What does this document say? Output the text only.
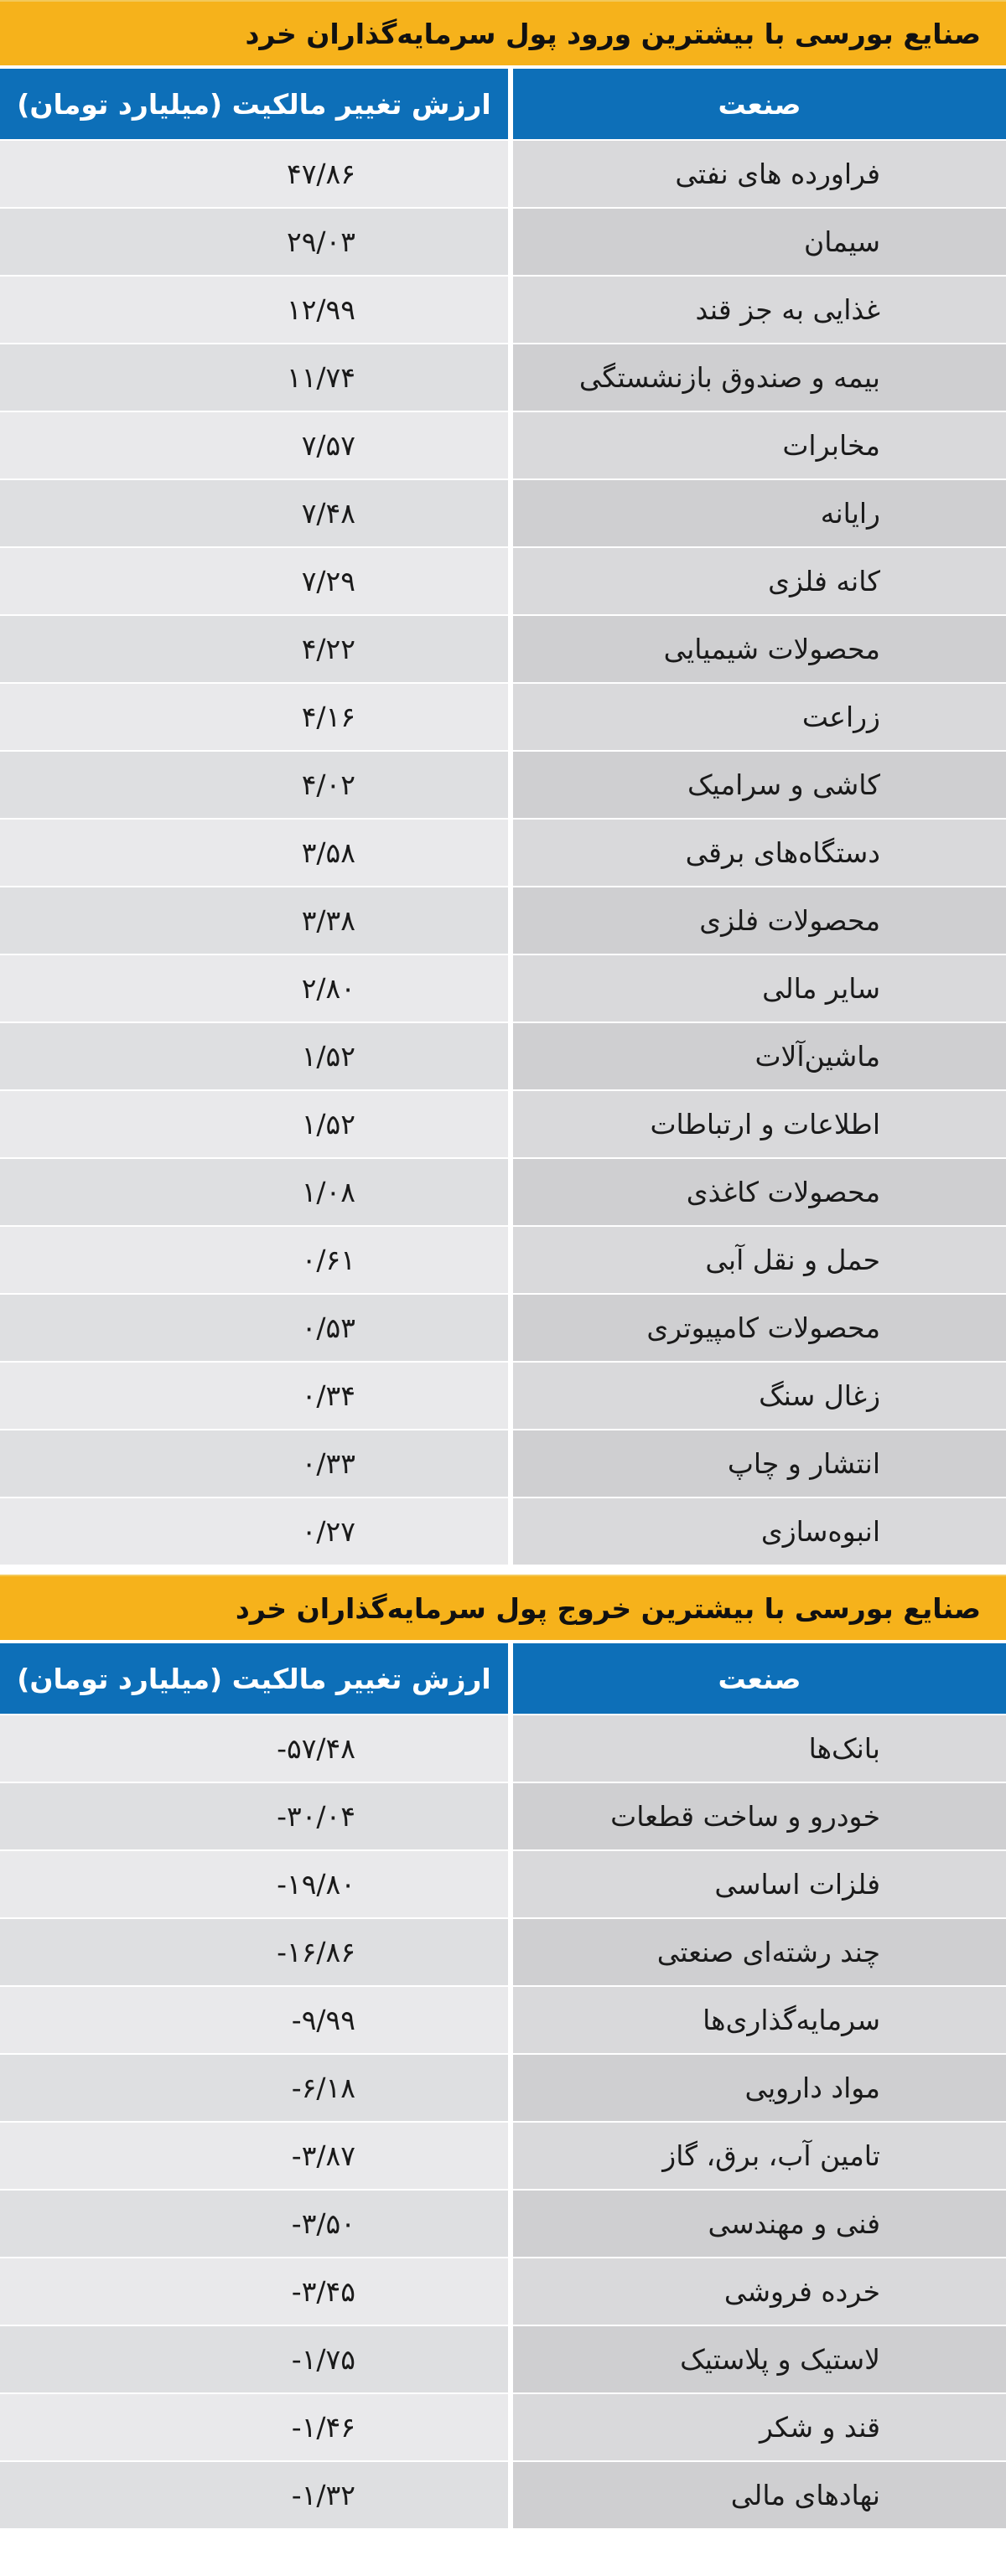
صنایع بورسی با بیشترین ورود پول سرمایه‌گذاران خرد
صنعت
ارزش تغییر مالکیت (میلیارد تومان)
فراورده های نفتی
۴۷/۸۶
سیمان
۲۹/۰۳
غذایی به جز قند
۱۲/۹۹
بیمه و صندوق بازنشستگی
۱۱/۷۴
مخابرات
۷/۵۷
رایانه
۷/۴۸
کانه فلزی
۷/۲۹
محصولات شیمیایی
۴/۲۲
زراعت
۴/۱۶
کاشی و سرامیک
۴/۰۲
دستگاه‌های برقی
۳/۵۸
محصولات فلزی
۳/۳۸
سایر مالی
۲/۸۰
ماشین‌آلات
۱/۵۲
اطلاعات و ارتباطات
۱/۵۲
محصولات کاغذی
۱/۰۸
حمل و نقل آبی
۰/۶۱
محصولات کامپیوتری
۰/۵۳
زغال سنگ
۰/۳۴
انتشار و چاپ
۰/۳۳
انبوه‌سازی
۰/۲۷
صنایع بورسی با بیشترین خروج پول سرمایه‌گذاران خرد
صنعت
ارزش تغییر مالکیت (میلیارد تومان)
بانک‌ها
-۵۷/۴۸
خودرو و ساخت قطعات
-۳۰/۰۴
فلزات اساسی
-۱۹/۸۰
چند رشته‌ای صنعتی
-۱۶/۸۶
سرمایه‌گذاری‌ها
-۹/۹۹
مواد دارویی
-۶/۱۸
تامین آب، برق، گاز
-۳/۸۷
فنی و مهندسی
-۳/۵۰
خرده فروشی
-۳/۴۵
لاستیک و پلاستیک
-۱/۷۵
قند و شکر
-۱/۴۶
نهادهای مالی
-۱/۳۲
